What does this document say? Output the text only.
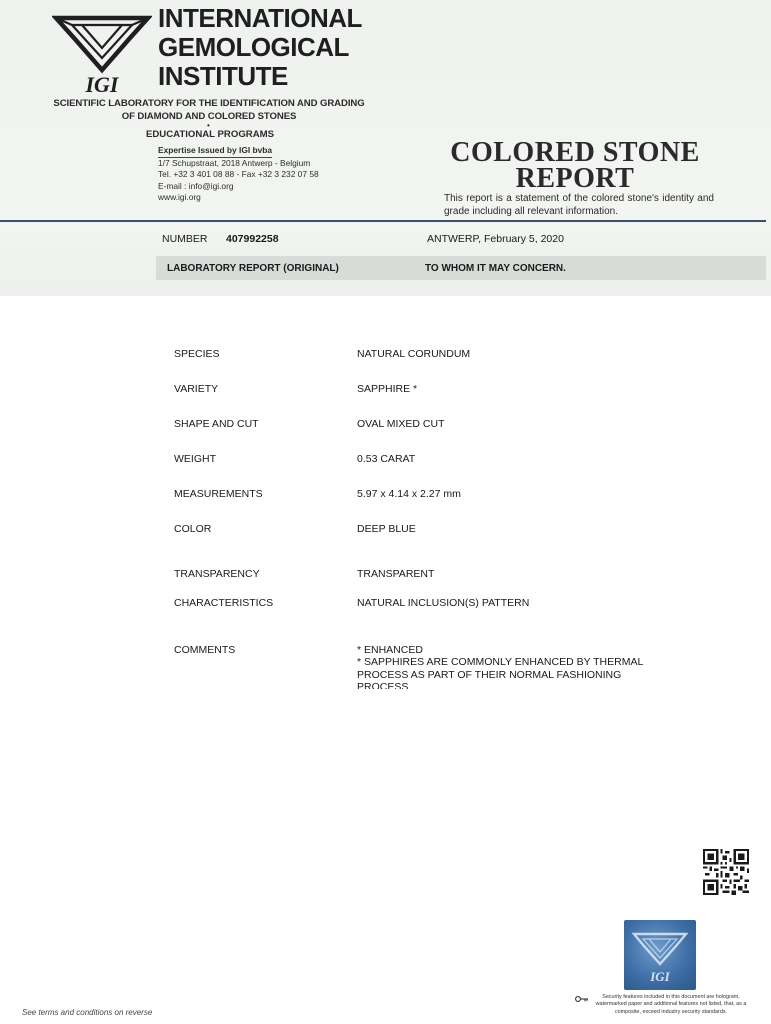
IGI
INTERNATIONAL
GEMOLOGICAL
INSTITUTE
SCIENTIFIC LABORATORY FOR THE IDENTIFICATION AND GRADING
OF DIAMOND AND COLORED STONES
•
EDUCATIONAL PROGRAMS
Expertise Issued by IGI bvba
1/7 Schupstraat, 2018 Antwerp - Belgium
Tel. +32 3 401 08 88 - Fax +32 3 232 07 58
E-mail : info@igi.org
www.igi.org
COLORED STONE
REPORT
This report is a statement of the colored stone's identity and grade including all relevant information.
NUMBER 407992258	ANTWERP, February 5, 2020
LABORATORY REPORT (ORIGINAL)	TO WHOM IT MAY CONCERN.
SPECIES	NATURAL CORUNDUM
VARIETY	SAPPHIRE *
SHAPE AND CUT	OVAL MIXED CUT
WEIGHT	0.53 CARAT
MEASUREMENTS	5.97 x 4.14 x 2.27 mm
COLOR	DEEP BLUE
TRANSPARENCY	TRANSPARENT
CHARACTERISTICS	NATURAL INCLUSION(S) PATTERN
COMMENTS	* ENHANCED
* SAPPHIRES ARE COMMONLY ENHANCED BY THERMAL
PROCESS AS PART OF THEIR NORMAL FASHIONING
PROCESS
IGI
Security features included in this document are hologram, watermarked paper and additional features not listed, that, as a composite, exceed industry security standards.
See terms and conditions on reverse
